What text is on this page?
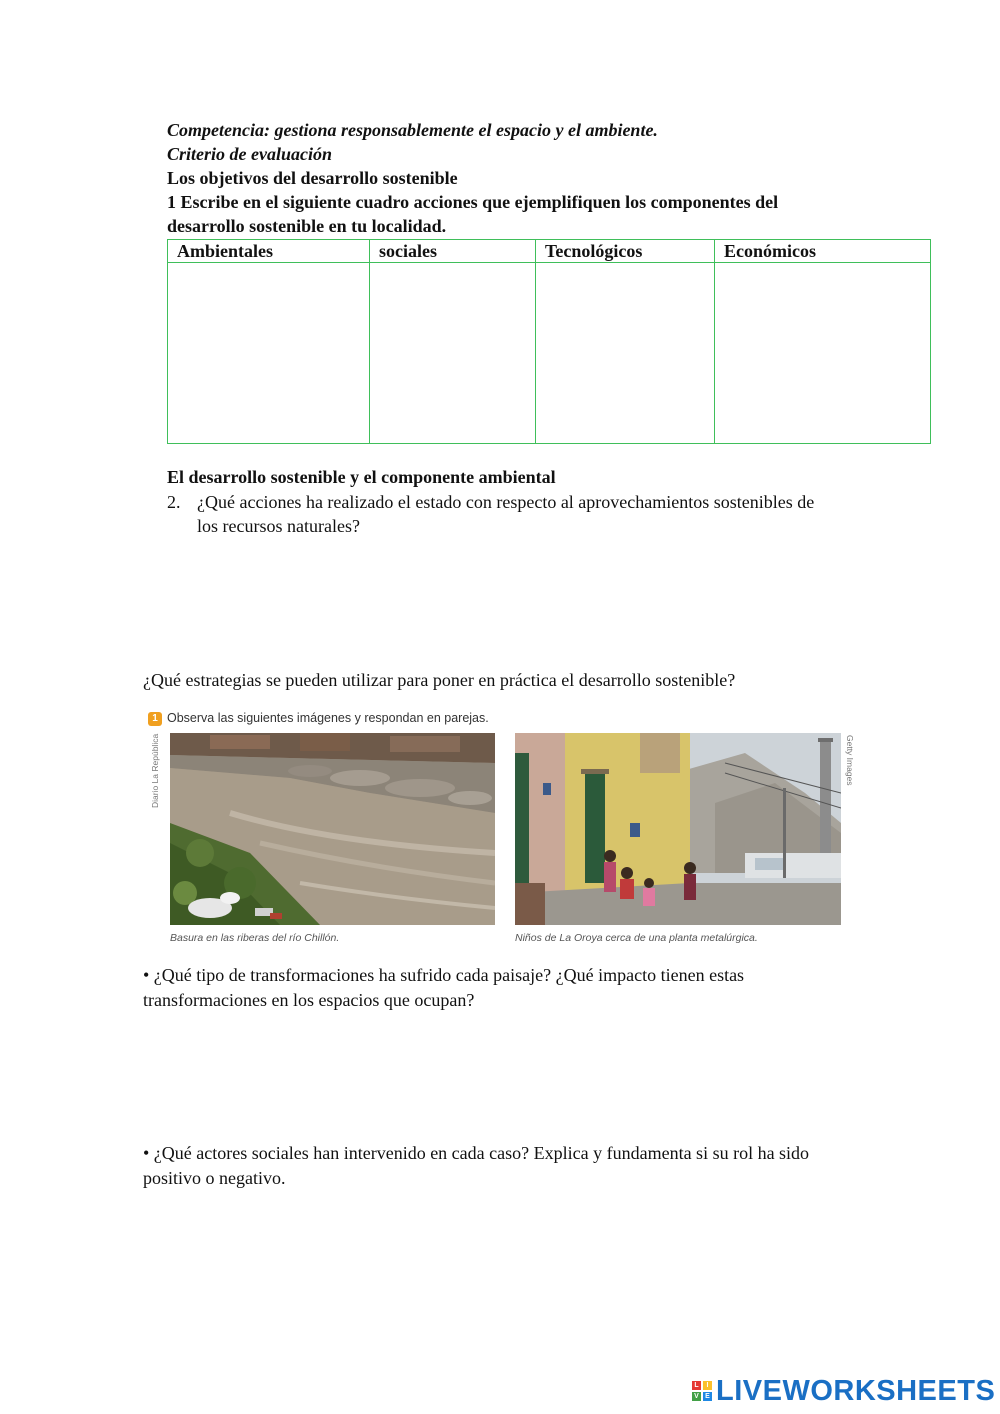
Competencia: gestiona responsablemente el espacio y el ambiente.
Criterio de evaluación
Los objetivos del desarrollo sostenible
1 Escribe en el siguiente cuadro acciones que ejemplifiquen los componentes del
desarrollo sostenible en tu localidad.
Ambientales	sociales	Tecnológicos	Económicos

El desarrollo sostenible y el componente ambiental
2. ¿Qué acciones ha realizado el estado con respecto al aprovechamientos sostenibles de
los recursos naturales?
¿Qué estrategias se pueden utilizar para poner en práctica el desarrollo sostenible?
1 Observa las siguientes imágenes y respondan en parejas.
Diario La República	Getty Images
Basura en las riberas del río Chillón.	Niños de La Oroya cerca de una planta metalúrgica.
• ¿Qué tipo de transformaciones ha sufrido cada paisaje? ¿Qué impacto tienen estas
transformaciones en los espacios que ocupan?
• ¿Qué actores sociales han intervenido en cada caso? Explica y fundamenta si su rol ha sido
positivo o negativo.
L	I
V E LIVEWORKSHEETS
